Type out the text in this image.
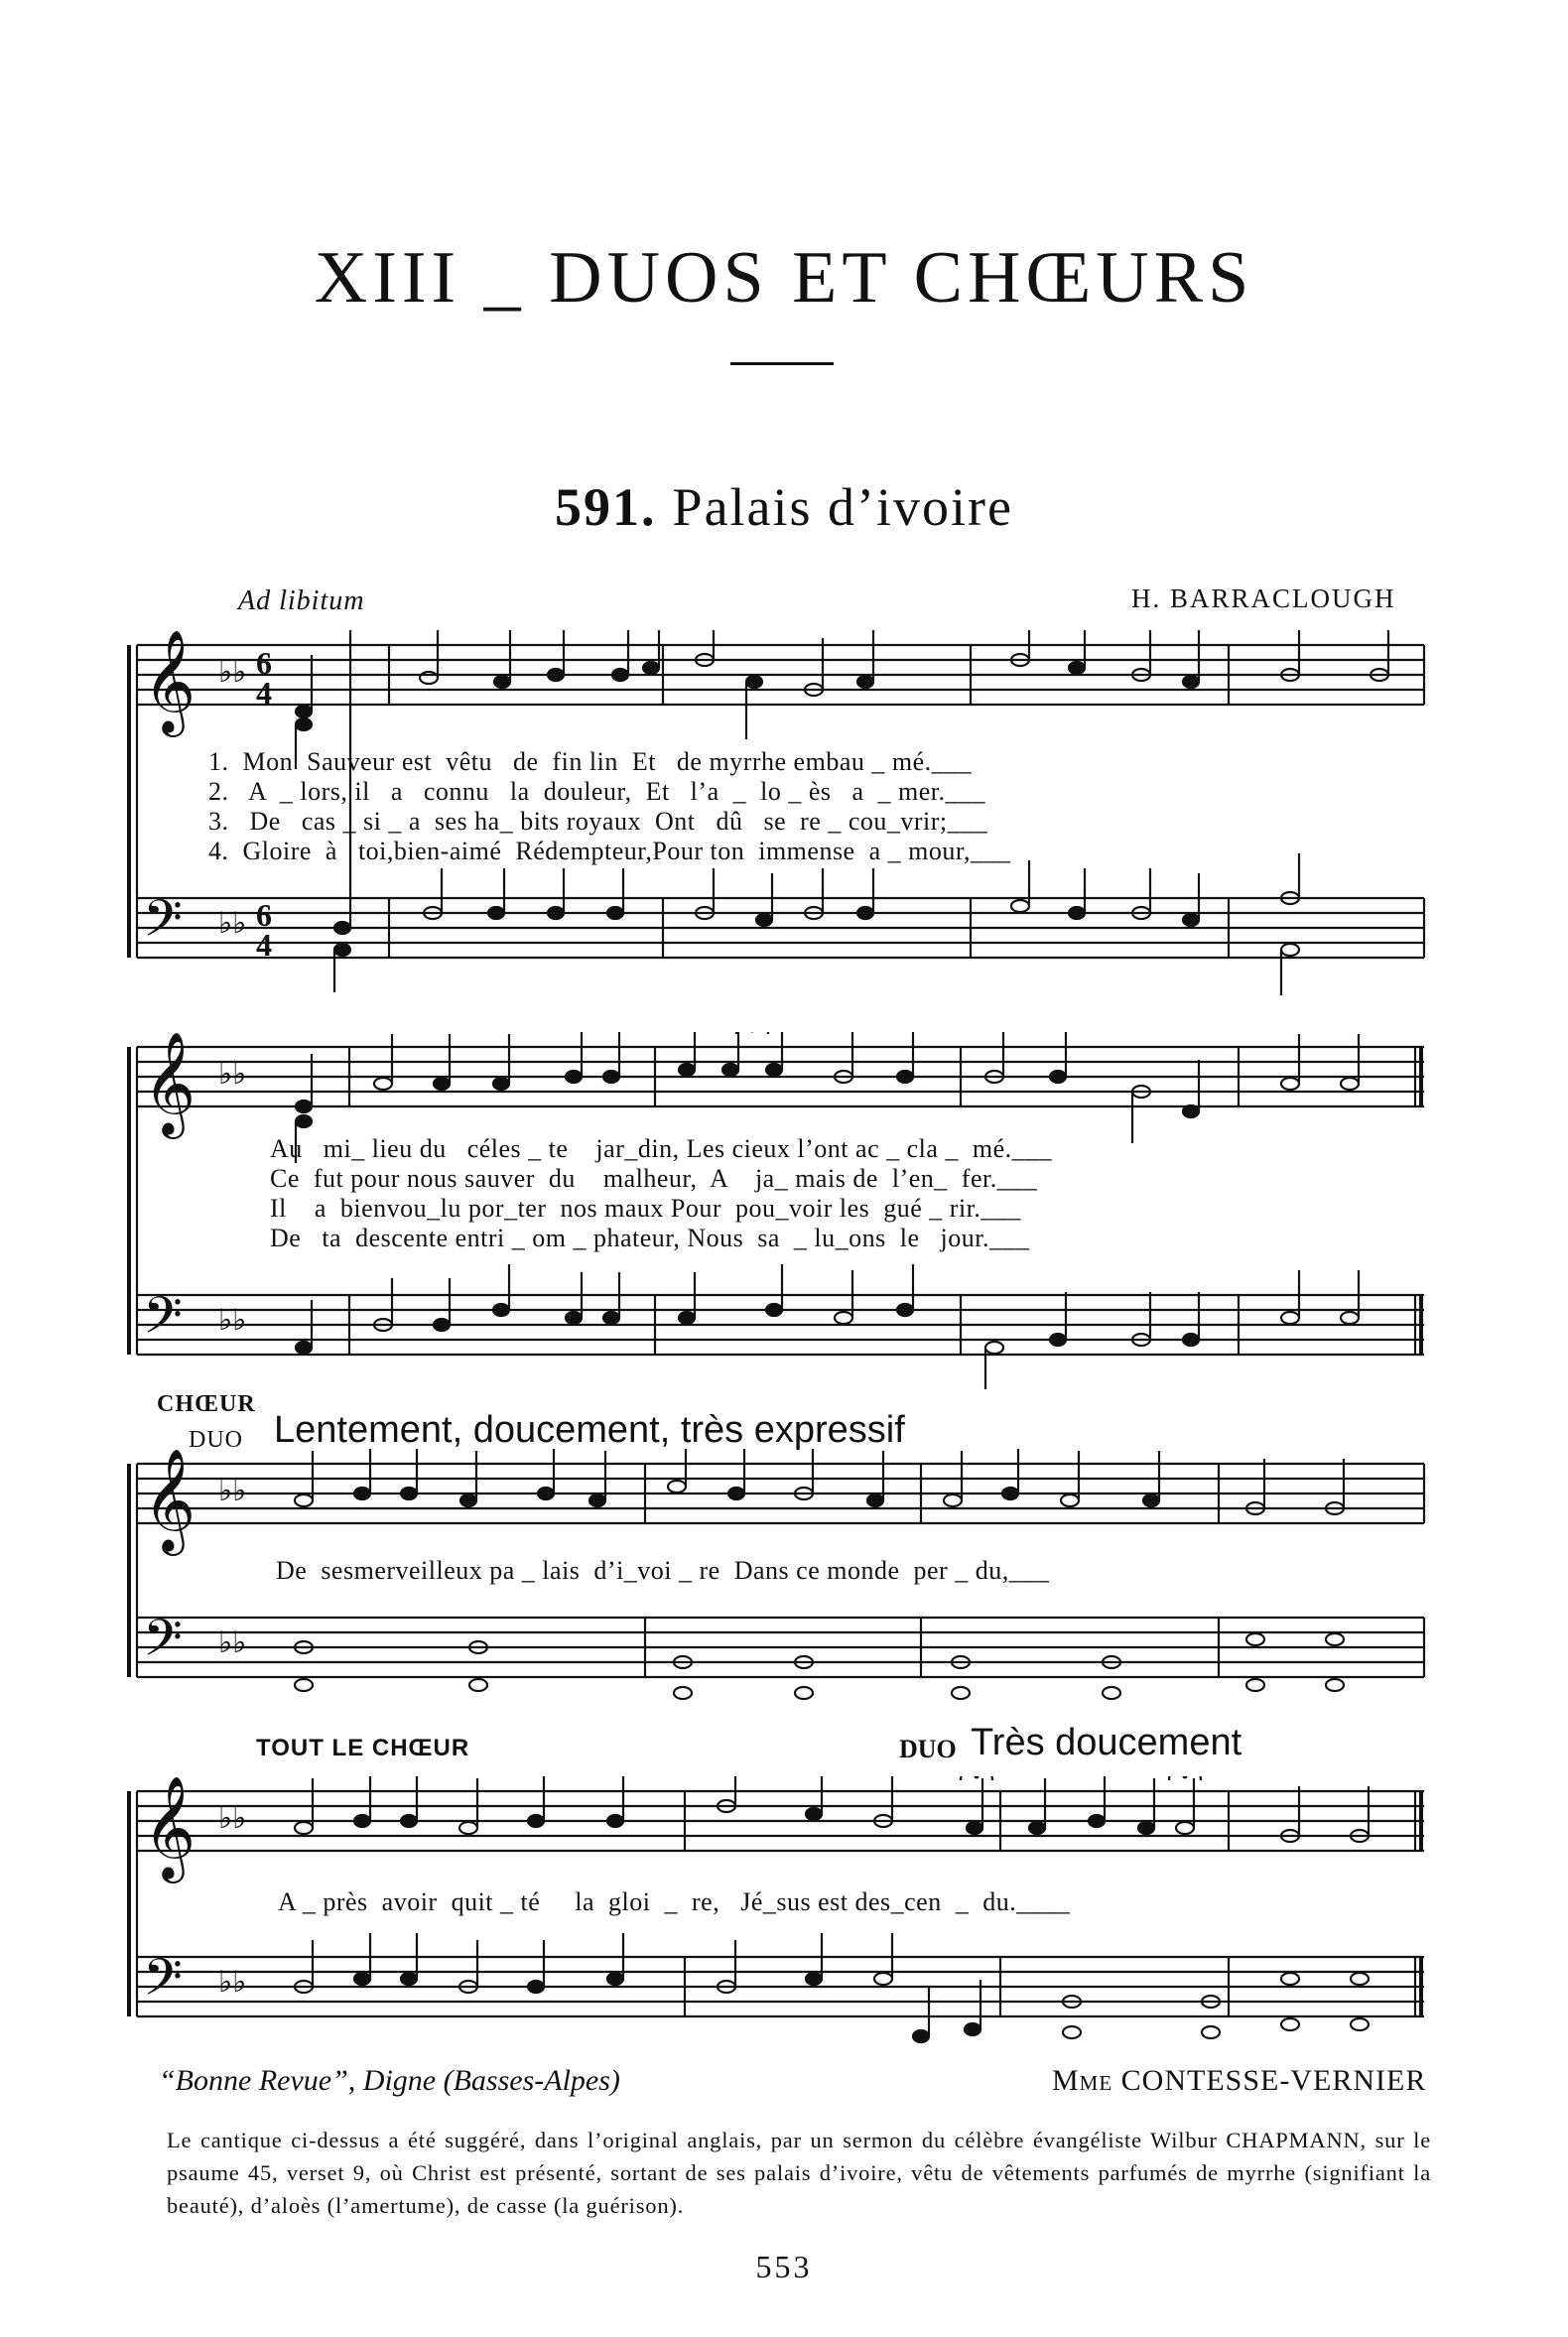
XIII _ DUOS ET CHŒURS
591. Palais d’ivoire
Ad libitum	H. BARRACLOUGH
𝄞
𝄢
♭♭
♭♭
6
4
6
4
1.  Mon  Sauveur est  vêtu   de  fin lin  Et   de myrrhe embau _ mé.___
2.   A  _ lors, il   a   connu   la  douleur,  Et   l’a  _  lo _ ès   a  _ mer.___
3.   De   cas _ si _ a  ses ha_ bits royaux  Ont   dû   se  re _ cou_vrir;___
4.  Gloire  à   toi,bien-aimé  Rédempteur,Pour ton  immense  a _ mour,___
𝄞
𝄢
♭♭
♭♭
Au   mi_ lieu du   céles _ te    jar_din, Les cieux l’ont ac _ cla _  mé.___
Ce  fut pour nous sauver  du    malheur,  A    ja_ mais de  l’en_  fer.___
Il    a  bienvou_lu por_ter  nos maux Pour  pou_voir les  gué _ rir.___
De   ta  descente entri _ om _ phateur, Nous  sa  _ lu_ons  le   jour.___
CHŒUR
DUO Lentement, doucement, très expressif
𝄞
𝄢
♭♭
♭♭
De  sesmerveilleux pa _ lais  d’i_voi _ re  Dans ce monde  per _ du,___
TOUT LE CHŒUR	DUO Très doucement
𝄞
𝄢
♭♭
♭♭
A _ près  avoir  quit _ té     la  gloi  _  re,   Jé_sus est des_cen  _  du.____
“Bonne Revue”, Digne (Basses-Alpes)	Mme CONTESSE-VERNIER
Le cantique ci-dessus a été suggéré, dans l’original anglais, par un sermon du célèbre évangéliste Wilbur CHAPMANN, sur le psaume 45, verset 9, où Christ est présenté, sortant de ses palais d’ivoire, vêtu de vêtements parfumés de myrrhe (signifiant la beauté), d’aloès (l’amertume), de casse (la guérison).
553
